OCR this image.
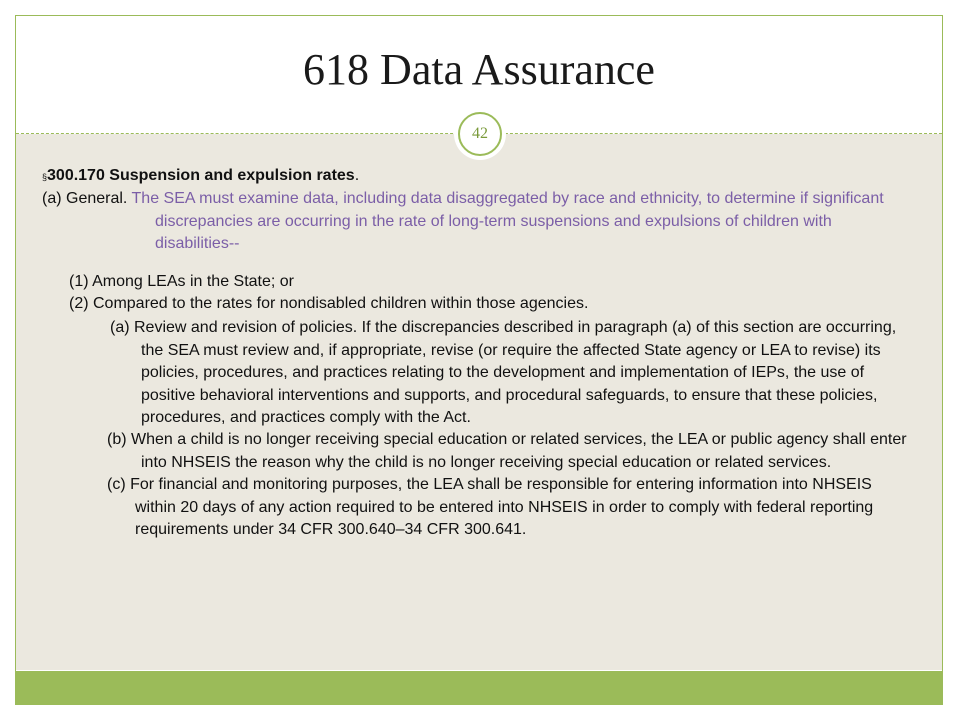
618 Data Assurance
42

§300.170 Suspension and expulsion rates.

(a) General. The SEA must examine data, including data disaggregated by race and ethnicity, to determine if significant discrepancies are occurring in the rate of long-term suspensions and expulsions of children with disabilities--

(1) Among LEAs in the State; or

(2) Compared to the rates for nondisabled children within those agencies.

(a) Review and revision of policies. If the discrepancies described in paragraph (a) of this section are occurring, the SEA must review and, if appropriate, revise (or require the affected State agency or LEA to revise) its policies, procedures, and practices relating to the development and implementation of IEPs, the use of positive behavioral interventions and supports, and procedural safeguards, to ensure that these policies, procedures, and practices comply with the Act.

(b) When a child is no longer receiving special education or related services, the LEA or public agency shall enter into NHSEIS the reason why the child is no longer receiving special education or related services.

(c) For financial and monitoring purposes, the LEA shall be responsible for entering information into NHSEIS within 20 days of any action required to be entered into NHSEIS in order to comply with federal reporting requirements under 34 CFR 300.640–34 CFR 300.641.
